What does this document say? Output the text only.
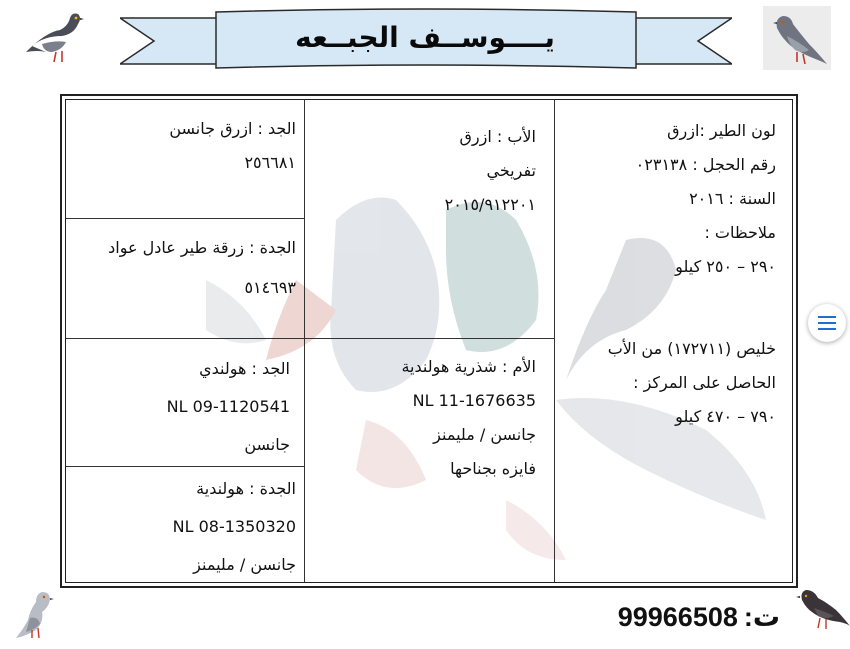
يــــوســف الجبــعه

لون الطير :ازرق

رقم الحجل : ٠٢٣١٣٨

السنة : ٢٠١٦

ملاحظات :

٢٩٠ – ٢٥٠ كيلو

خليص (١٧٢٧١١) من الأب

الحاصل على المركز :

٧٩٠ – ٤٧٠ كيلو

الأب : ازرق

تفريخي

٢٠١٥/٩١٢٢٠١

الأم : شذرية هولندية

NL 11-1676635

جانسن / مليمنز

فايزه بجناحها

الجد : ازرق جانسن

٢٥٦٦٨١

الجدة : زرقة طير عادل عواد

٥١٤٦٩٣

الجد : هولندي

NL 09-1120541

جانسن

الجدة : هولندية

NL 08-1350320

جانسن / مليمنز

ت:
99966508
